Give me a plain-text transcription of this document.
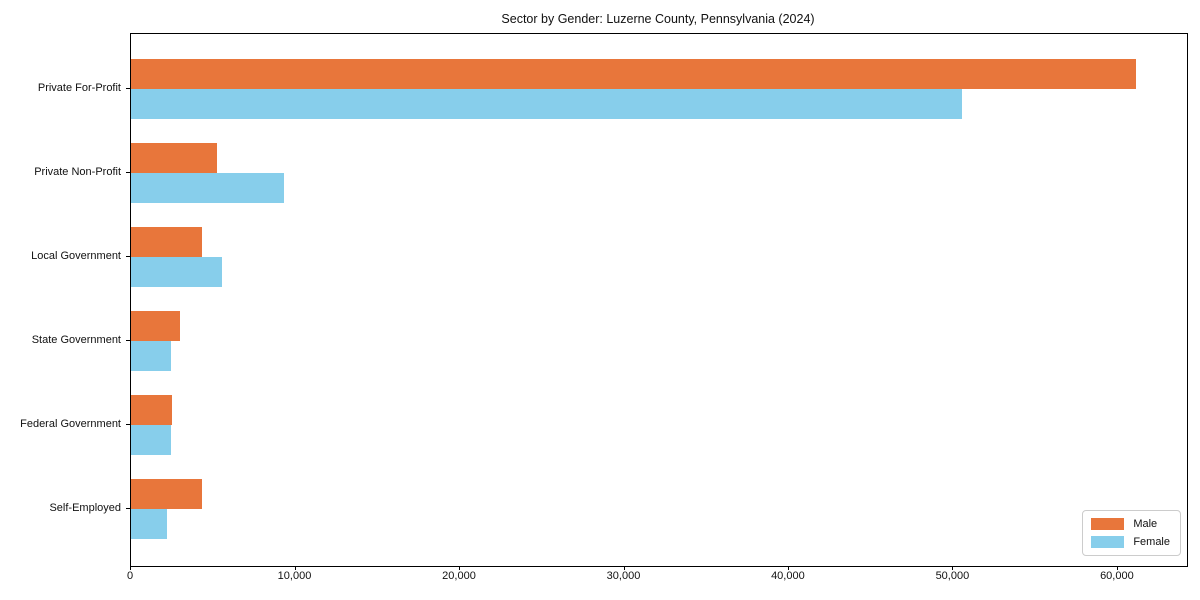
Sector by Gender: Luzerne County, Pennsylvania (2024)
Male
Female
Private For-Profit
Private Non-Profit
Local Government
State Government
Federal Government
Self-Employed
0	10,000	20,000	30,000	40,000	50,000	60,000
